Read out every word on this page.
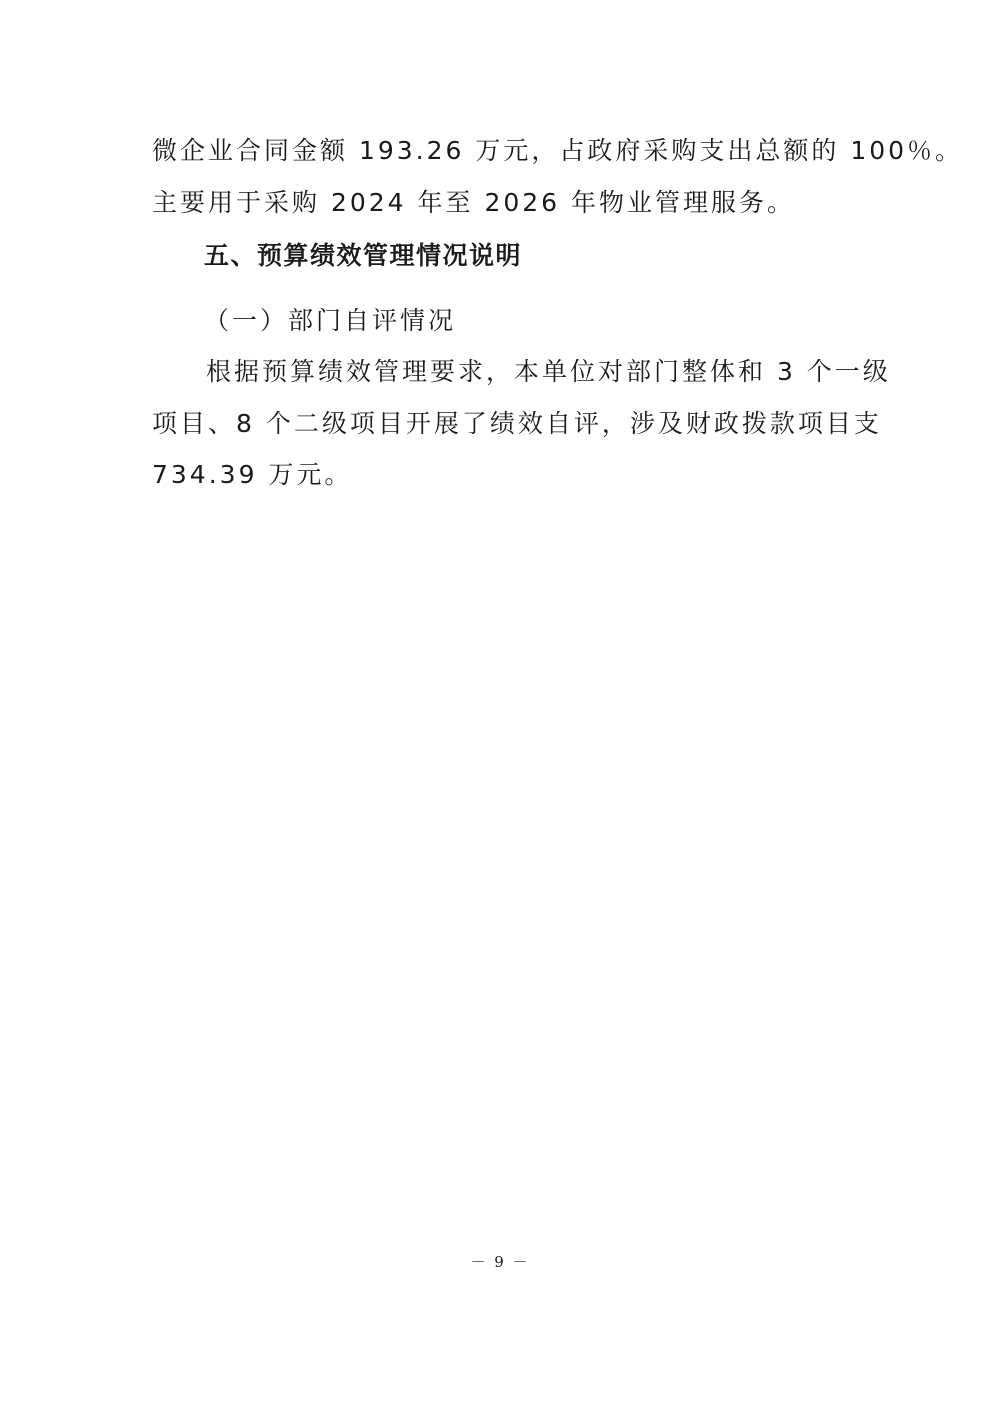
微企业合同金额 193.26 万元，占政府采购支出总额的 100％。
主要用于采购 2024 年至 2026 年物业管理服务。
五、预算绩效管理情况说明
（一）部门自评情况
根据预算绩效管理要求，本单位对部门整体和 3 个一级
项目、8 个二级项目开展了绩效自评，涉及财政拨款项目支
734.39 万元。
－ 9 －
